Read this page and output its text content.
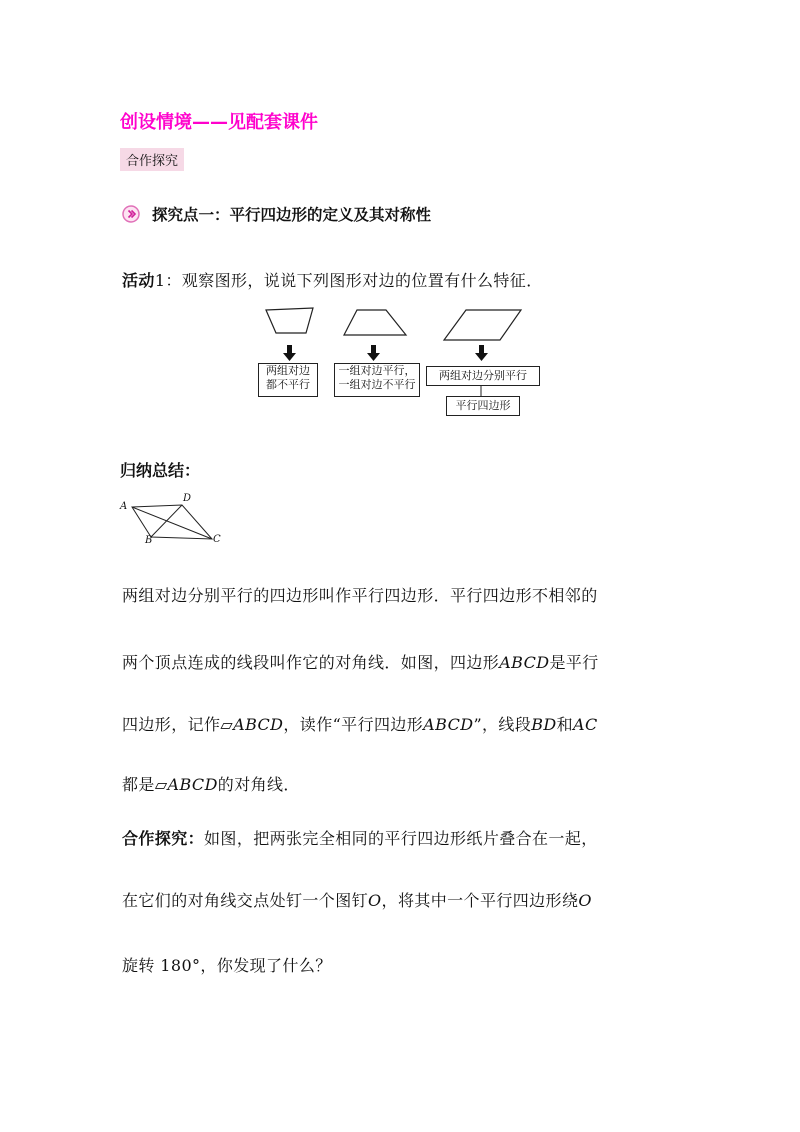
创设情境——见配套课件
合作探究
探究点一：平行四边形的定义及其对称性
活动1：观察图形，说说下列图形对边的位置有什么特征．
两组对边
都不平行
一组对边平行，
一组对边不平行
两组对边分别平行
平行四边形
归纳总结：
A
D
B	C
两组对边分别平行的四边形叫作平行四边形．平行四边形不相邻的
两个顶点连成的线段叫作它的对角线．如图，四边形ABCD是平行
四边形，记作▱ABCD，读作“平行四边形ABCD”，线段BD和AC
都是▱ABCD的对角线．
合作探究：如图，把两张完全相同的平行四边形纸片叠合在一起，
在它们的对角线交点处钉一个图钉O，将其中一个平行四边形绕O
旋转 180°，你发现了什么？
